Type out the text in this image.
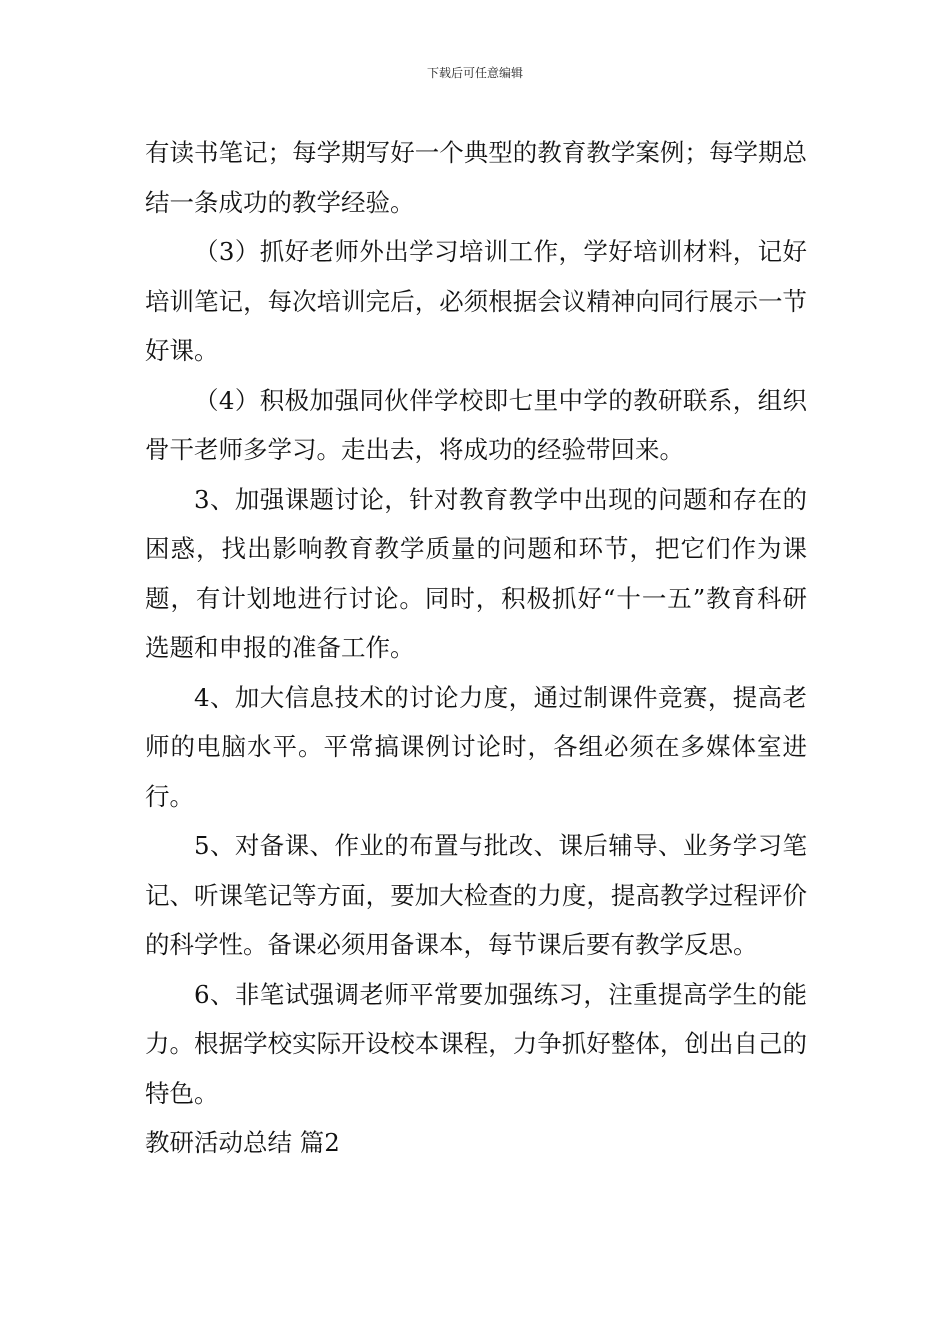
下载后可任意编辑

有读书笔记；每学期写好一个典型的教育教学案例；每学期总结一条成功的教学经验。

（3）抓好老师外出学习培训工作，学好培训材料，记好培训笔记，每次培训完后，必须根据会议精神向同行展示一节好课。

（4）积极加强同伙伴学校即七里中学的教研联系，组织骨干老师多学习。走出去，将成功的经验带回来。

3、加强课题讨论，针对教育教学中出现的问题和存在的困惑，找出影响教育教学质量的问题和环节，把它们作为课题，有计划地进行讨论。同时，积极抓好“十一五”教育科研选题和申报的准备工作。

4、加大信息技术的讨论力度，通过制课件竞赛，提高老师的电脑水平。平常搞课例讨论时，各组必须在多媒体室进行。

5、对备课、作业的布置与批改、课后辅导、业务学习笔记、听课笔记等方面，要加大检查的力度，提高教学过程评价的科学性。备课必须用备课本，每节课后要有教学反思。

6、非笔试强调老师平常要加强练习，注重提高学生的能力。根据学校实际开设校本课程，力争抓好整体，创出自己的特色。

教研活动总结 篇2
